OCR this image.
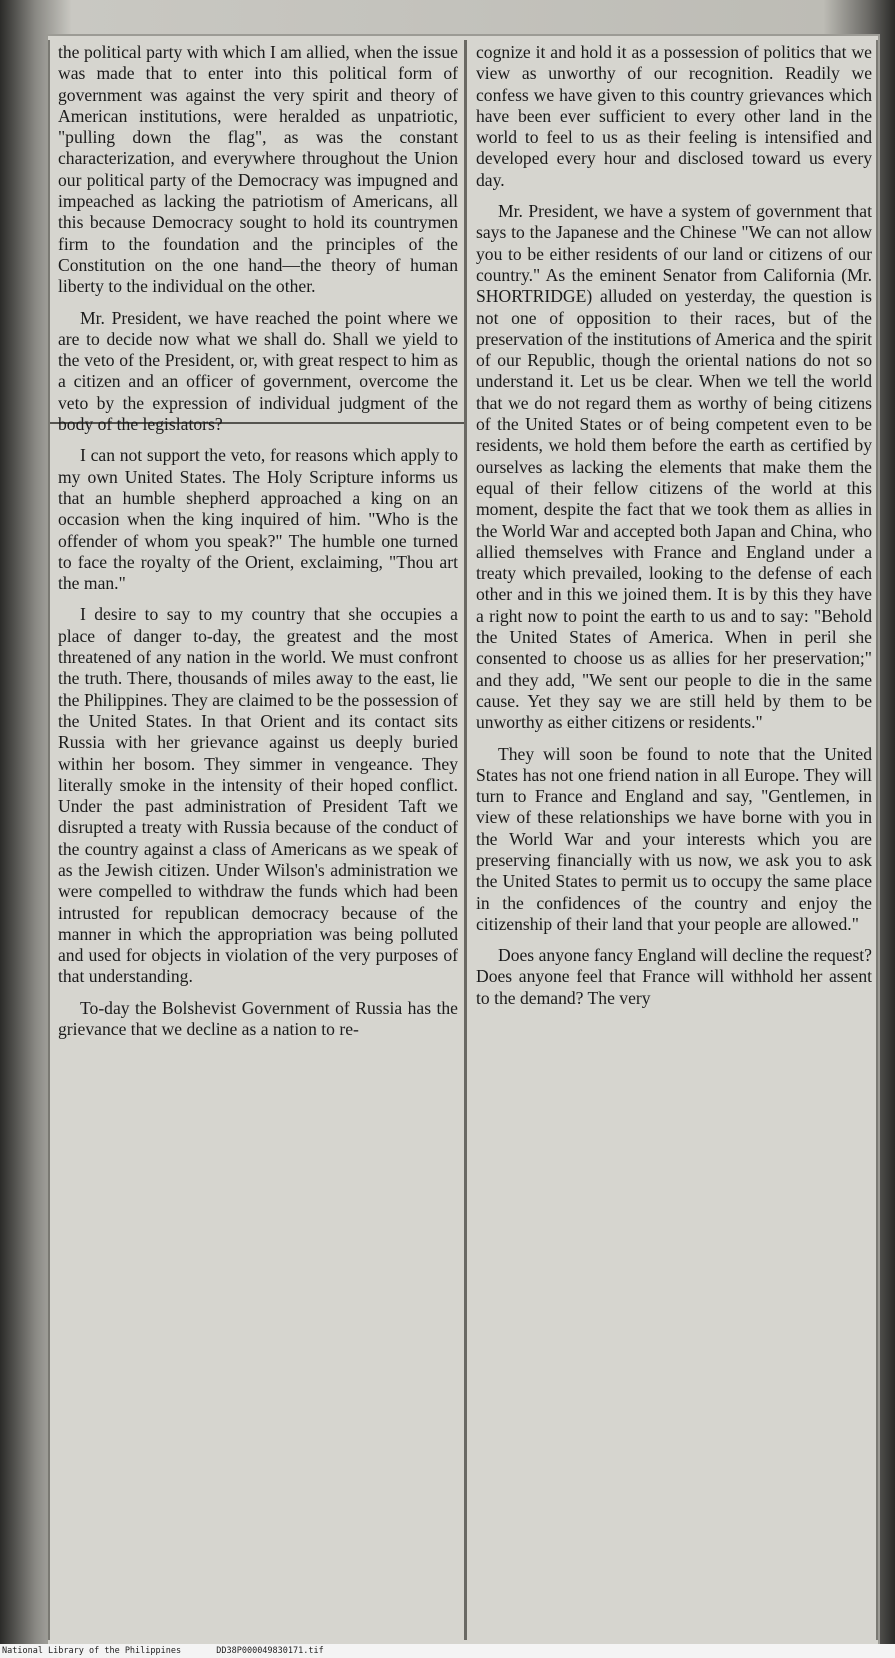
the political party with which I am allied, when the issue was made that to enter into this political form of government was against the very spirit and theory of American institutions, were heralded as unpatriotic, "pulling down the flag", as was the constant characterization, and everywhere throughout the Union our political party of the Democracy was impugned and impeached as lacking the patriotism of Americans, all this because Democracy sought to hold its countrymen firm to the foundation and the principles of the Constitution on the one hand—the theory of human liberty to the individual on the other.

Mr. President, we have reached the point where we are to decide now what we shall do. Shall we yield to the veto of the President, or, with great respect to him as a citizen and an officer of government, overcome the veto by the expression of individual judgment of the body of the legislators?

I can not support the veto, for reasons which apply to my own United States. The Holy Scripture informs us that an humble shepherd approached a king on an occasion when the king inquired of him. "Who is the offender of whom you speak?" The humble one turned to face the royalty of the Orient, exclaiming, "Thou art the man."

I desire to say to my country that she occupies a place of danger to-day, the greatest and the most threatened of any nation in the world. We must confront the truth. There, thousands of miles away to the east, lie the Philippines. They are claimed to be the possession of the United States. In that Orient and its contact sits Russia with her grievance against us deeply buried within her bosom. They simmer in vengeance. They literally smoke in the intensity of their hoped conflict. Under the past administration of President Taft we disrupted a treaty with Russia because of the conduct of the country against a class of Americans as we speak of as the Jewish citizen. Under Wilson's administration we were compelled to withdraw the funds which had been intrusted for republican democracy because of the manner in which the appropriation was being polluted and used for objects in violation of the very purposes of that understanding.

To-day the Bolshevist Government of Russia has the grievance that we decline as a nation to re-

cognize it and hold it as a possession of politics that we view as unworthy of our recognition. Readily we confess we have given to this country grievances which have been ever sufficient to every other land in the world to feel to us as their feeling is intensified and developed every hour and disclosed toward us every day.

Mr. President, we have a system of government that says to the Japanese and the Chinese "We can not allow you to be either residents of our land or citizens of our country." As the eminent Senator from California (Mr. SHORTRIDGE) alluded on yesterday, the question is not one of opposition to their races, but of the preservation of the institutions of America and the spirit of our Republic, though the oriental nations do not so understand it. Let us be clear. When we tell the world that we do not regard them as worthy of being citizens of the United States or of being competent even to be residents, we hold them before the earth as certified by ourselves as lacking the elements that make them the equal of their fellow citizens of the world at this moment, despite the fact that we took them as allies in the World War and accepted both Japan and China, who allied themselves with France and England under a treaty which prevailed, looking to the defense of each other and in this we joined them. It is by this they have a right now to point the earth to us and to say: "Behold the United States of America. When in peril she consented to choose us as allies for her preservation;" and they add, "We sent our people to die in the same cause. Yet they say we are still held by them to be unworthy as either citizens or residents."

They will soon be found to note that the United States has not one friend nation in all Europe. They will turn to France and England and say, "Gentlemen, in view of these relationships we have borne with you in the World War and your interests which you are preserving financially with us now, we ask you to ask the United States to permit us to occupy the same place in the confidences of the country and enjoy the citizenship of their land that your people are allowed."

Does anyone fancy England will decline the request? Does anyone feel that France will withhold her assent to the demand? The very

National Library of the Philippines	DD38P000049830171.tif
